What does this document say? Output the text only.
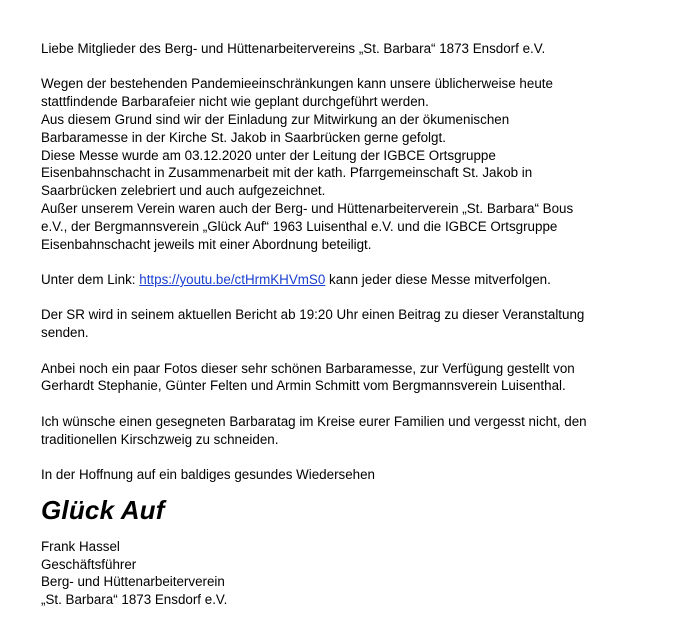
Liebe Mitglieder des Berg- und Hüttenarbeitervereins „St. Barbara“ 1873 Ensdorf e.V.
Wegen der bestehenden Pandemieeinschränkungen kann unsere üblicherweise heute
stattfindende Barbarafeier nicht wie geplant durchgeführt werden.
Aus diesem Grund sind wir der Einladung zur Mitwirkung an der ökumenischen
Barbaramesse in der Kirche St. Jakob in Saarbrücken gerne gefolgt.
Diese Messe wurde am 03.12.2020 unter der Leitung der IGBCE Ortsgruppe
Eisenbahnschacht in Zusammenarbeit mit der kath. Pfarrgemeinschaft St. Jakob in
Saarbrücken zelebriert und auch aufgezeichnet.
Außer unserem Verein waren auch der Berg- und Hüttenarbeiterverein „St. Barbara“ Bous
e.V., der Bergmannsverein „Glück Auf“ 1963 Luisenthal e.V. und die IGBCE Ortsgruppe
Eisenbahnschacht jeweils mit einer Abordnung beteiligt.
Unter dem Link: https://youtu.be/ctHrmKHVmS0 kann jeder diese Messe mitverfolgen.
Der SR wird in seinem aktuellen Bericht ab 19:20 Uhr einen Beitrag zu dieser Veranstaltung
senden.
Anbei noch ein paar Fotos dieser sehr schönen Barbaramesse, zur Verfügung gestellt von
Gerhardt Stephanie, Günter Felten und Armin Schmitt vom Bergmannsverein Luisenthal.
Ich wünsche einen gesegneten Barbaratag im Kreise eurer Familien und vergesst nicht, den
traditionellen Kirschzweig zu schneiden.
In der Hoffnung auf ein baldiges gesundes Wiedersehen
Glück Auf
Frank Hassel
Geschäftsführer
Berg- und Hüttenarbeiterverein
„St. Barbara“ 1873 Ensdorf e.V.
